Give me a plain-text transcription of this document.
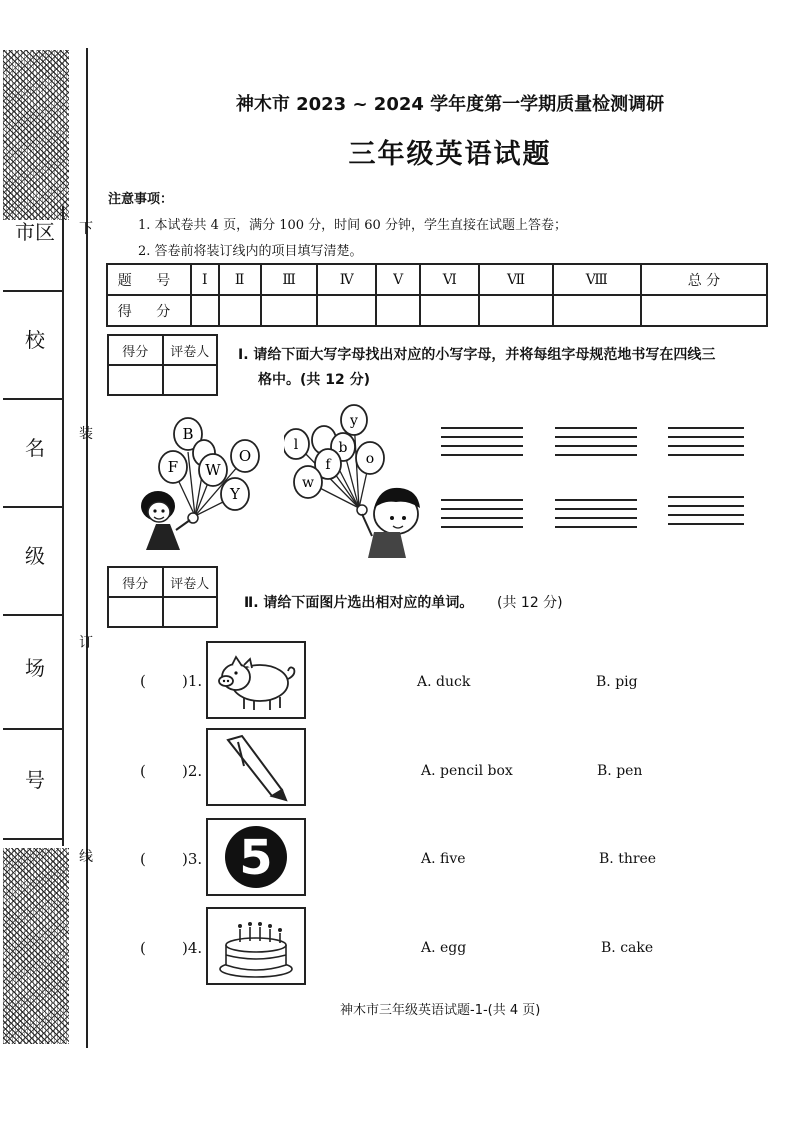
市区
校
名
级
场
号
下
装
订
线
神木市 2023 ~ 2024 学年度第一学期质量检测调研
三年级英语试题
注意事项：
1. 本试卷共 4 页，满分 100 分，时间 60 分钟，学生直接在试题上答卷；
2. 答卷前将装订线内的项目填写清楚。
题 号	Ⅰ	Ⅱ	Ⅲ	Ⅳ	Ⅴ	Ⅵ	Ⅶ	Ⅷ	总 分
得 分									
得分	评卷人
	Ⅰ. 请给下面大写字母找出对应的小写字母，并将每组字母规范地书写在四线三
格中。(共 12 分)
B
F W
O
Y
y
l	b
f	o
w
得分	评卷人

Ⅱ. 请给下面图片选出相对应的单词。 (共 12 分)
( )1.	A. duck	B. pig
( )2.	A. pencil box	B. pen
( )3. 5	A. five	B. three
( )4.	A. egg	B. cake
神木市三年级英语试题-1-(共 4 页)
